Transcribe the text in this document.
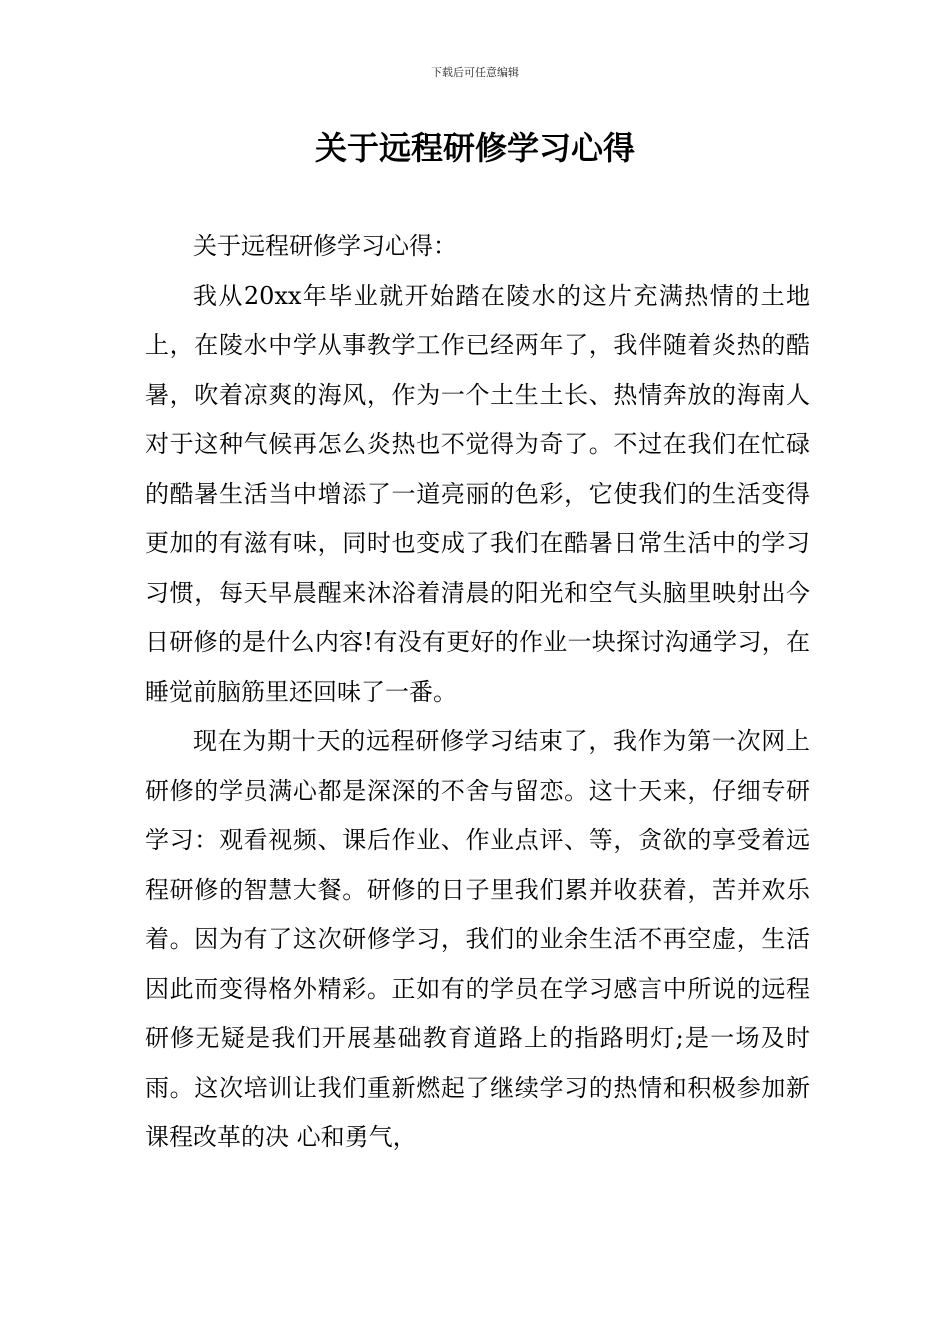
下载后可任意编辑
关于远程研修学习心得

关于远程研修学习心得：

我从20xx年毕业就开始踏在陵水的这片充满热情的土地上，在陵水中学从事教学工作已经两年了，我伴随着炎热的酷暑，吹着凉爽的海风，作为一个土生土长、热情奔放的海南人对于这种气候再怎么炎热也不觉得为奇了。不过在我们在忙碌的酷暑生活当中增添了一道亮丽的色彩，它使我们的生活变得更加的有滋有味，同时也变成了我们在酷暑日常生活中的学习习惯，每天早晨醒来沐浴着清晨的阳光和空气头脑里映射出今日研修的是什么内容!有没有更好的作业一块探讨沟通学习，在睡觉前脑筋里还回味了一番。

现在为期十天的远程研修学习结束了，我作为第一次网上研修的学员满心都是深深的不舍与留恋。这十天来，仔细专研学习：观看视频、课后作业、作业点评、等，贪欲的享受着远程研修的智慧大餐。研修的日子里我们累并收获着，苦并欢乐着。因为有了这次研修学习，我们的业余生活不再空虚，生活因此而变得格外精彩。正如有的学员在学习感言中所说的远程研修无疑是我们开展基础教育道路上的指路明灯;是一场及时雨。这次培训让我们重新燃起了继续学习的热情和积极参加新课程改革的决 心和勇气，
